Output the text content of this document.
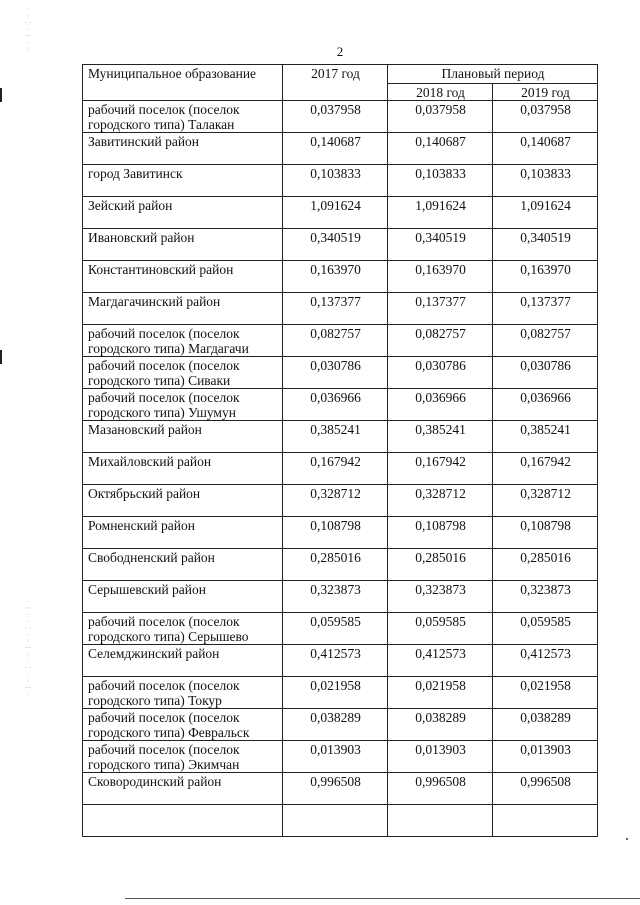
2
· · ⁚ · ⁝ · ·
· ⁝ · · ⁚ · · ⁝ · · ⁚ · · ⁝ ·
Муниципальное образование	2017 год	Плановый период	
		2018 год	2019 год
рабочий поселок (поселок городского типа) Талакан	0,037958	0,037958	0,037958
Завитинский район	0,140687	0,140687	0,140687
город Завитинск	0,103833	0,103833	0,103833
Зейский район	1,091624	1,091624	1,091624
Ивановский район	0,340519	0,340519	0,340519
Константиновский район	0,163970	0,163970	0,163970
Магдагачинский район	0,137377	0,137377	0,137377
рабочий поселок (поселок городского типа) Магдагачи	0,082757	0,082757	0,082757
рабочий поселок (поселок городского типа) Сиваки	0,030786	0,030786	0,030786
рабочий поселок (поселок городского типа) Ушумун	0,036966	0,036966	0,036966
Мазановский район	0,385241	0,385241	0,385241
Михайловский район	0,167942	0,167942	0,167942
Октябрьский район	0,328712	0,328712	0,328712
Ромненский район	0,108798	0,108798	0,108798
Свободненский район	0,285016	0,285016	0,285016
Серышевский район	0,323873	0,323873	0,323873
рабочий поселок (поселок городского типа) Серышево	0,059585	0,059585	0,059585
Селемджинский район	0,412573	0,412573	0,412573
рабочий поселок (поселок городского типа) Токур	0,021958	0,021958	0,021958
рабочий поселок (поселок городского типа) Февральск	0,038289	0,038289	0,038289
рабочий поселок (поселок городского типа) Экимчан	0,013903	0,013903	0,013903
Сковородинский район	0,996508	0,996508	0,996508
